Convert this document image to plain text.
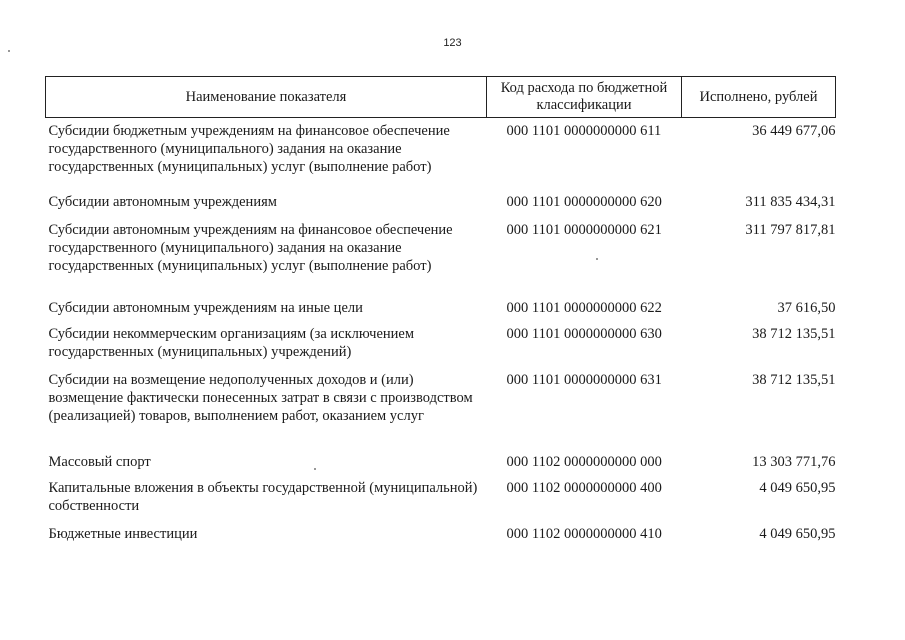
123
Наименование показателя	Код расхода по бюджетной классификации	Исполнено, рублей
Субсидии бюджетным учреждениям на финансовое обеспечение государственного (муниципального) задания на оказание государственных (муниципальных) услуг (выполнение работ)	000 1101 0000000000 611	36 449 677,06
Субсидии автономным учреждениям	000 1101 0000000000 620	311 835 434,31
Субсидии автономным учреждениям на финансовое обеспечение государственного (муниципального) задания на оказание государственных (муниципальных) услуг (выполнение работ)	000 1101 0000000000 621	311 797 817,81
Субсидии автономным учреждениям на иные цели	000 1101 0000000000 622	37 616,50
Субсидии некоммерческим организациям (за исключением государственных (муниципальных) учреждений)	000 1101 0000000000 630	38 712 135,51
Субсидии на возмещение недополученных доходов и (или) возмещение фактически понесенных затрат в связи с производством (реализацией) товаров, выполнением работ, оказанием услуг	000 1101 0000000000 631	38 712 135,51
Массовый спорт	000 1102 0000000000 000	13 303 771,76
Капитальные вложения в объекты государственной (муниципальной) собственности	000 1102 0000000000 400	4 049 650,95
Бюджетные инвестиции	000 1102 0000000000 410	4 049 650,95
